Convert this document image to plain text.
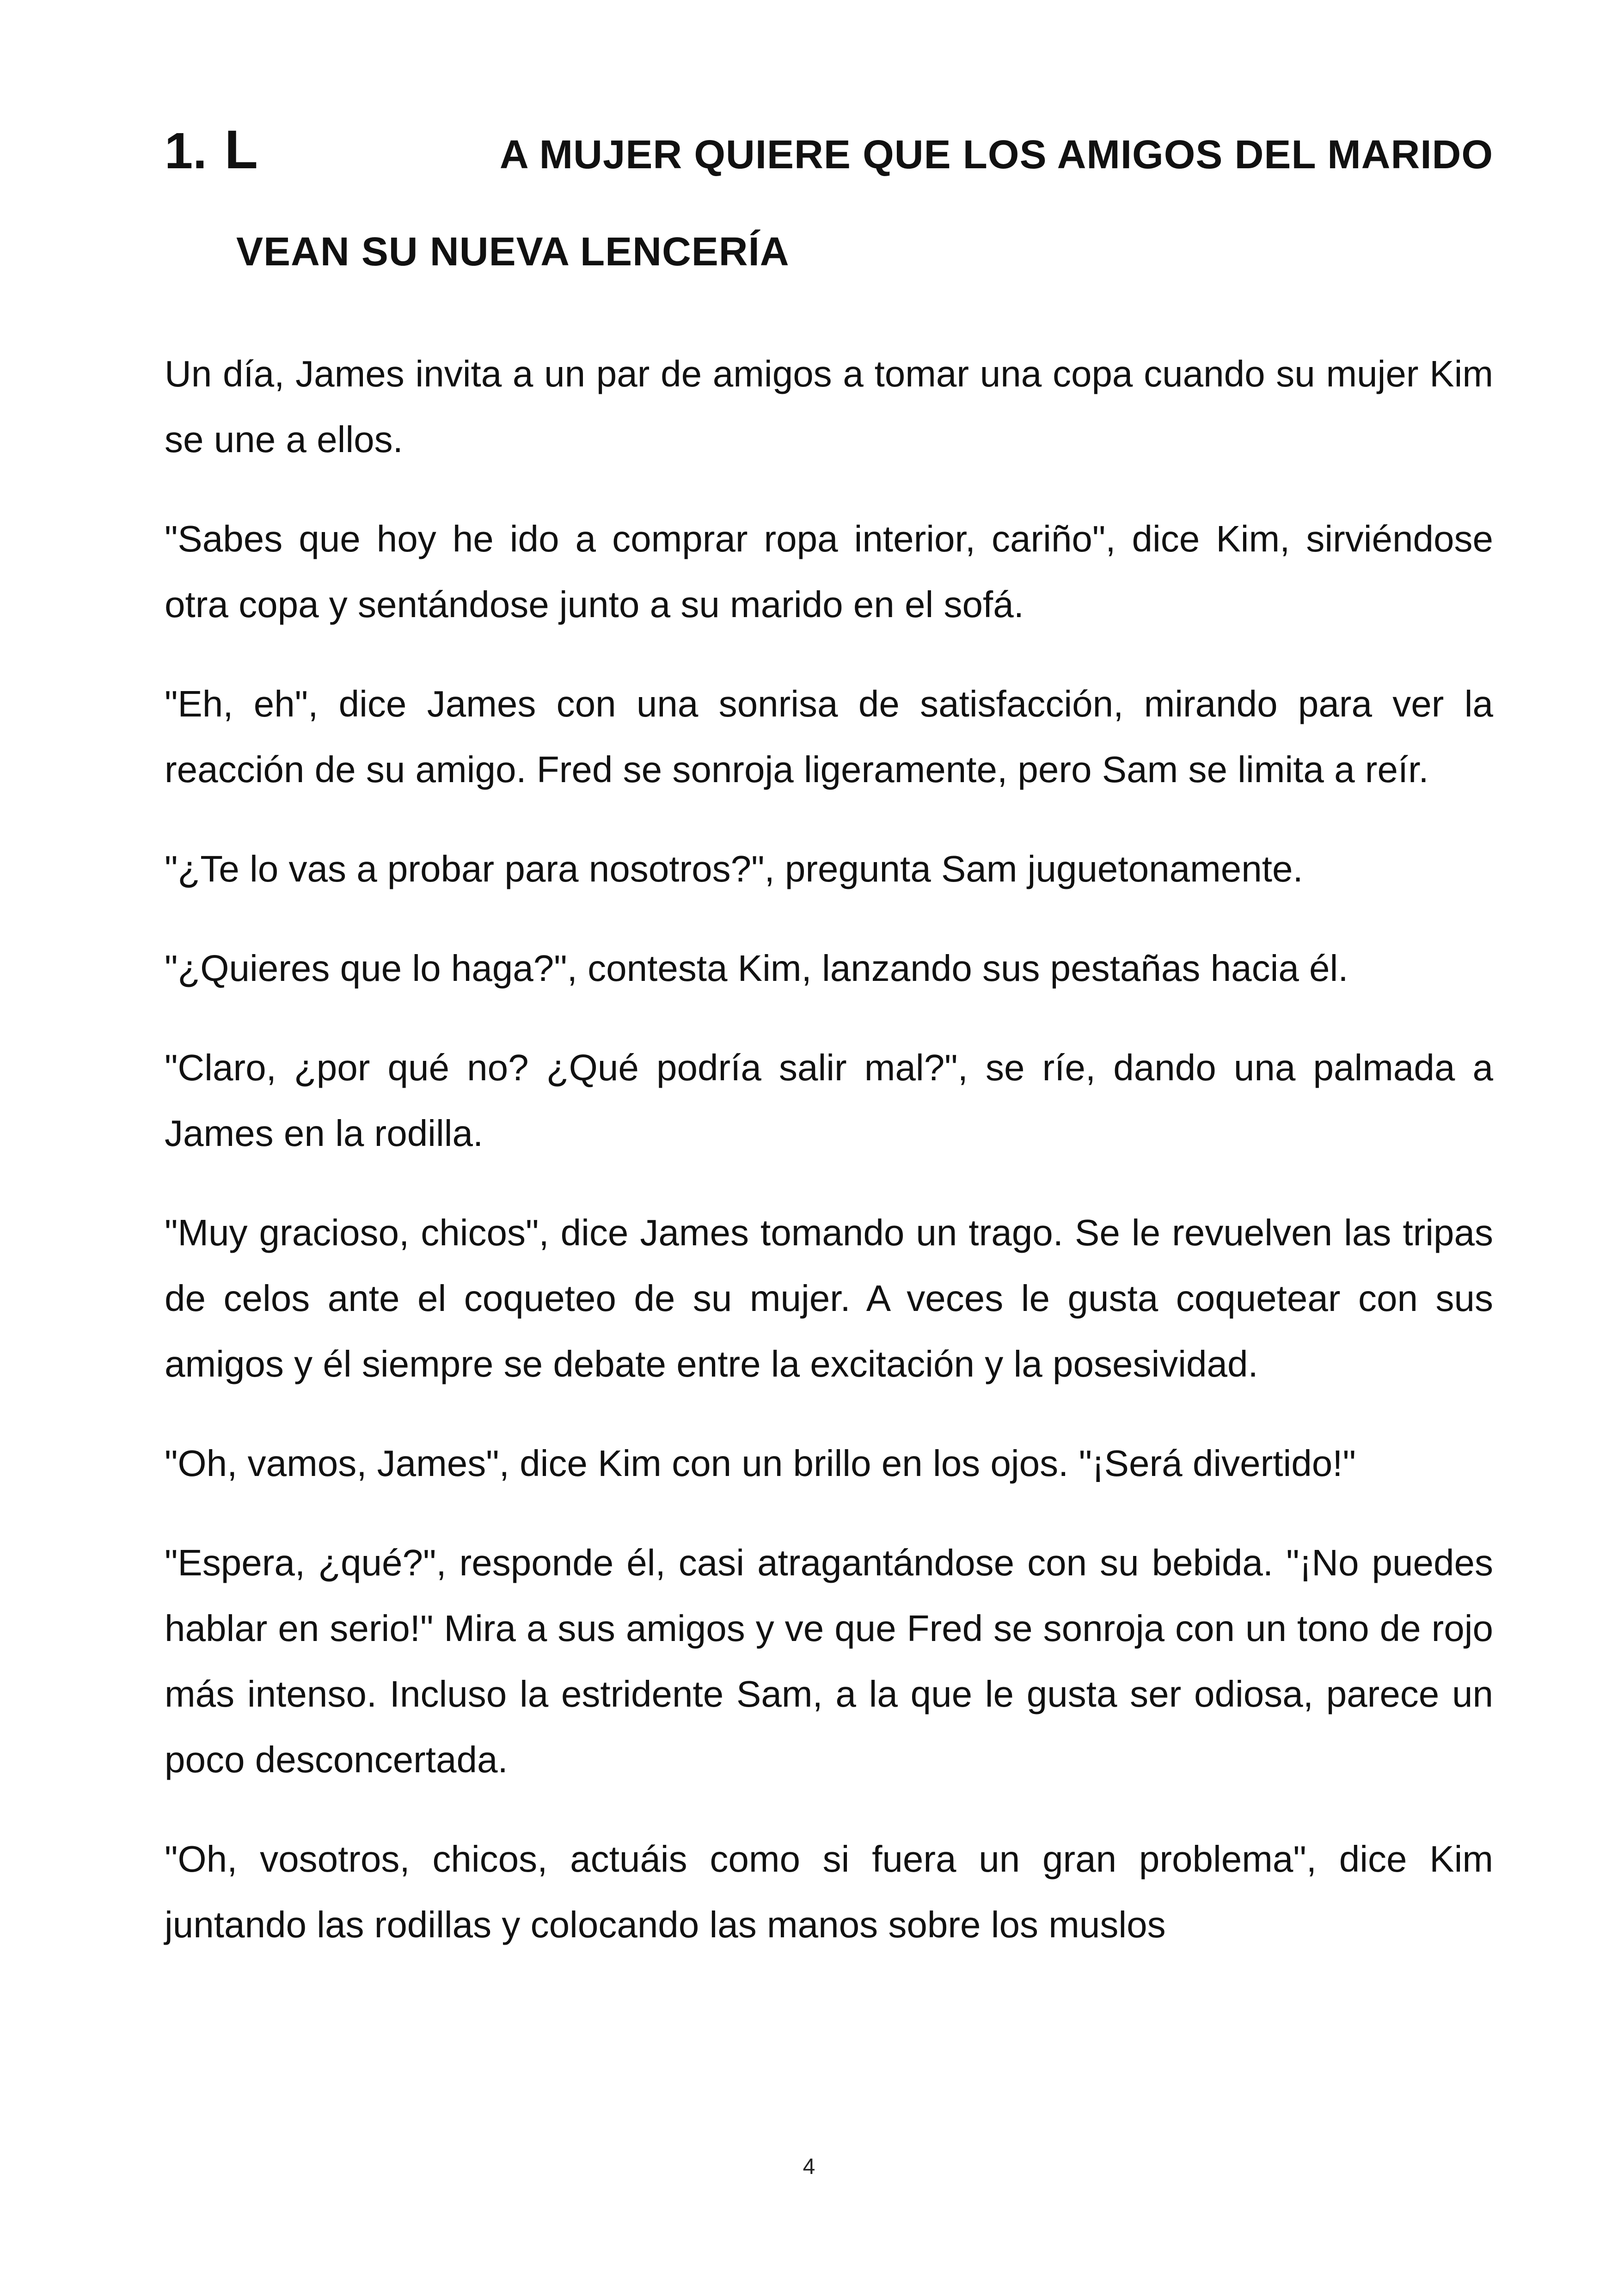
1. L	A MUJER QUIERE QUE LOS AMIGOS DEL MARIDO
VEAN SU NUEVA LENCERÍA

Un día, James invita a un par de amigos a tomar una copa cuando su mujer Kim se une a ellos.

"Sabes que hoy he ido a comprar ropa interior, cariño", dice Kim, sirviéndose otra copa y sentándose junto a su marido en el sofá.

"Eh, eh", dice James con una sonrisa de satisfacción, mirando para ver la reacción de su amigo. Fred se sonroja ligeramente, pero Sam se limita a reír.

"¿Te lo vas a probar para nosotros?", pregunta Sam juguetonamente.

"¿Quieres que lo haga?", contesta Kim, lanzando sus pestañas hacia él.

"Claro, ¿por qué no? ¿Qué podría salir mal?", se ríe, dando una palmada a James en la rodilla.

"Muy gracioso, chicos", dice James tomando un trago. Se le revuelven las tripas de celos ante el coqueteo de su mujer. A veces le gusta coquetear con sus amigos y él siempre se debate entre la excitación y la posesividad.

"Oh, vamos, James", dice Kim con un brillo en los ojos. "¡Será divertido!"

"Espera, ¿qué?", responde él, casi atragantándose con su bebida. "¡No puedes hablar en serio!" Mira a sus amigos y ve que Fred se sonroja con un tono de rojo más intenso. Incluso la estridente Sam, a la que le gusta ser odiosa, parece un poco desconcertada.

"Oh, vosotros, chicos, actuáis como si fuera un gran problema", dice Kim juntando las rodillas y colocando las manos sobre los muslos

4
